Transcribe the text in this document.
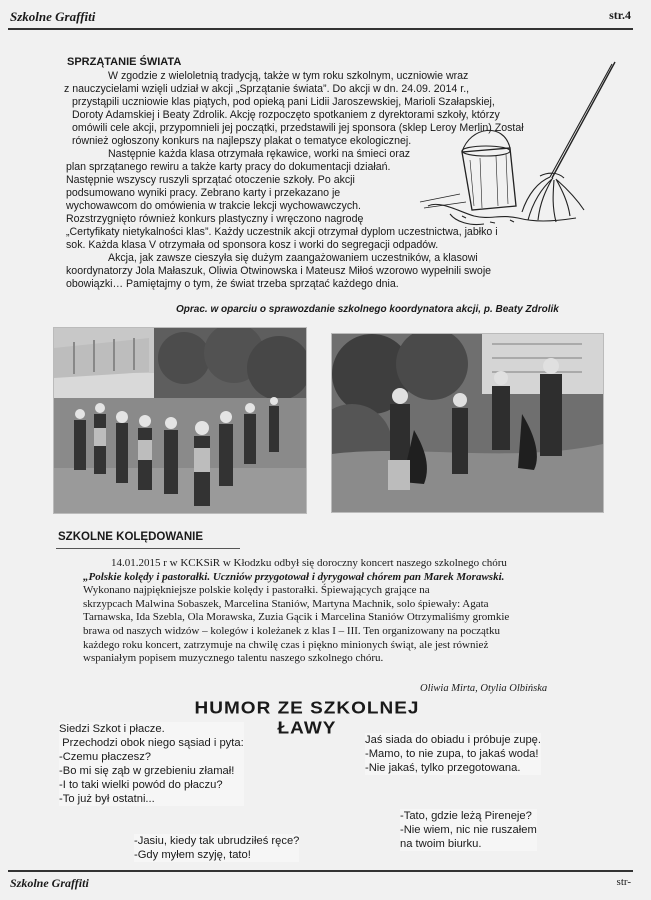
Szkolne Graffiti	str.4
SPRZĄTANIE ŚWIATA

W zgodzie z wieloletnią tradycją, także w tym roku szkolnym, uczniowie wraz

z nauczycielami wzięli udział w akcji „Sprzątanie świata”. Do akcji w dn. 24.09. 2014 r.,

przystąpili uczniowie klas piątych, pod opieką pani Lidii Jaroszewskiej, Marioli Szałapskiej,

Doroty Adamskiej i Beaty Zdrolik. Akcję rozpoczęto spotkaniem z dyrektorami szkoły, którzy

omówili cele akcji, przypomnieli jej początki, przedstawili jej sponsora (sklep Leroy Merlin) Został

również ogłoszony konkurs na najlepszy plakat o tematyce ekologicznej.

Następnie każda klasa otrzymała rękawice, worki na śmieci oraz

plan sprzątanego rewiru a także karty pracy do dokumentacji działań.

Następnie wszyscy ruszyli sprzątać otoczenie szkoły. Po akcji

podsumowano wyniki pracy. Zebrano karty i przekazano je

wychowawcom do omówienia w trakcie lekcji wychowawczych.

Rozstrzygnięto również konkurs plastyczny i wręczono nagrodę

„Certyfikaty nietykalności klas”. Każdy uczestnik akcji otrzymał dyplom uczestnictwa, jabłko i

sok. Każda klasa V otrzymała od sponsora kosz i worki do segregacji odpadów.

Akcja, jak zawsze cieszyła się dużym zaangażowaniem uczestników, a klasowi

koordynatorzy Jola Małaszuk, Oliwia Otwinowska i Mateusz Miłoś wzorowo wypełnili swoje

obowiązki… Pamiętajmy o tym, że świat trzeba sprzątać każdego dnia.

Oprac. w oparciu o sprawozdanie szkolnego koordynatora akcji, p. Beaty Zdrolik
SZKOLNE KOLĘDOWANIE

14.01.2015 r w KCKSiR w Kłodzku odbył się doroczny koncert naszego szkolnego chóru

„Polskie kolędy i pastorałki. Uczniów przygotował i dyrygował chórem pan Marek Morawski.

Wykonano najpiękniejsze polskie kolędy i pastorałki. Śpiewających grające na

skrzypcach Malwina Sobaszek, Marcelina Staniów, Martyna Machnik, solo śpiewały: Agata

Tarnawska, Ida Szebla, Ola Morawska, Zuzia Gącik i Marcelina Staniów Otrzymaliśmy gromkie

brawa od naszych widzów – kolegów i koleżanek z klas I – III. Ten organizowany na początku

każdego roku koncert, zatrzymuje na chwilę czas i piękno minionych świąt, ale jest również

wspaniałym popisem muzycznego talentu naszego szkolnego chóru.

Oliwia Mirta, Otylia Olbińska
HUMOR ZE SZKOLNEJ ŁAWY
Siedzi Szkot i płacze.
Przechodzi obok niego sąsiad i pyta:
-Czemu płaczesz?
-Bo mi się ząb w grzebieniu złamał!
-I to taki wielki powód do płaczu?
-To już był ostatni...
Jaś siada do obiadu i próbuje zupę.
-Mamo, to nie zupa, to jakaś woda!
-Nie jakaś, tylko przegotowana.
-Tato, gdzie leżą Pireneje?
-Nie wiem, nic nie ruszałem
na twoim biurku.
-Jasiu, kiedy tak ubrudziłeś ręce?
-Gdy myłem szyję, tato!
Szkolne Graffiti	str-
